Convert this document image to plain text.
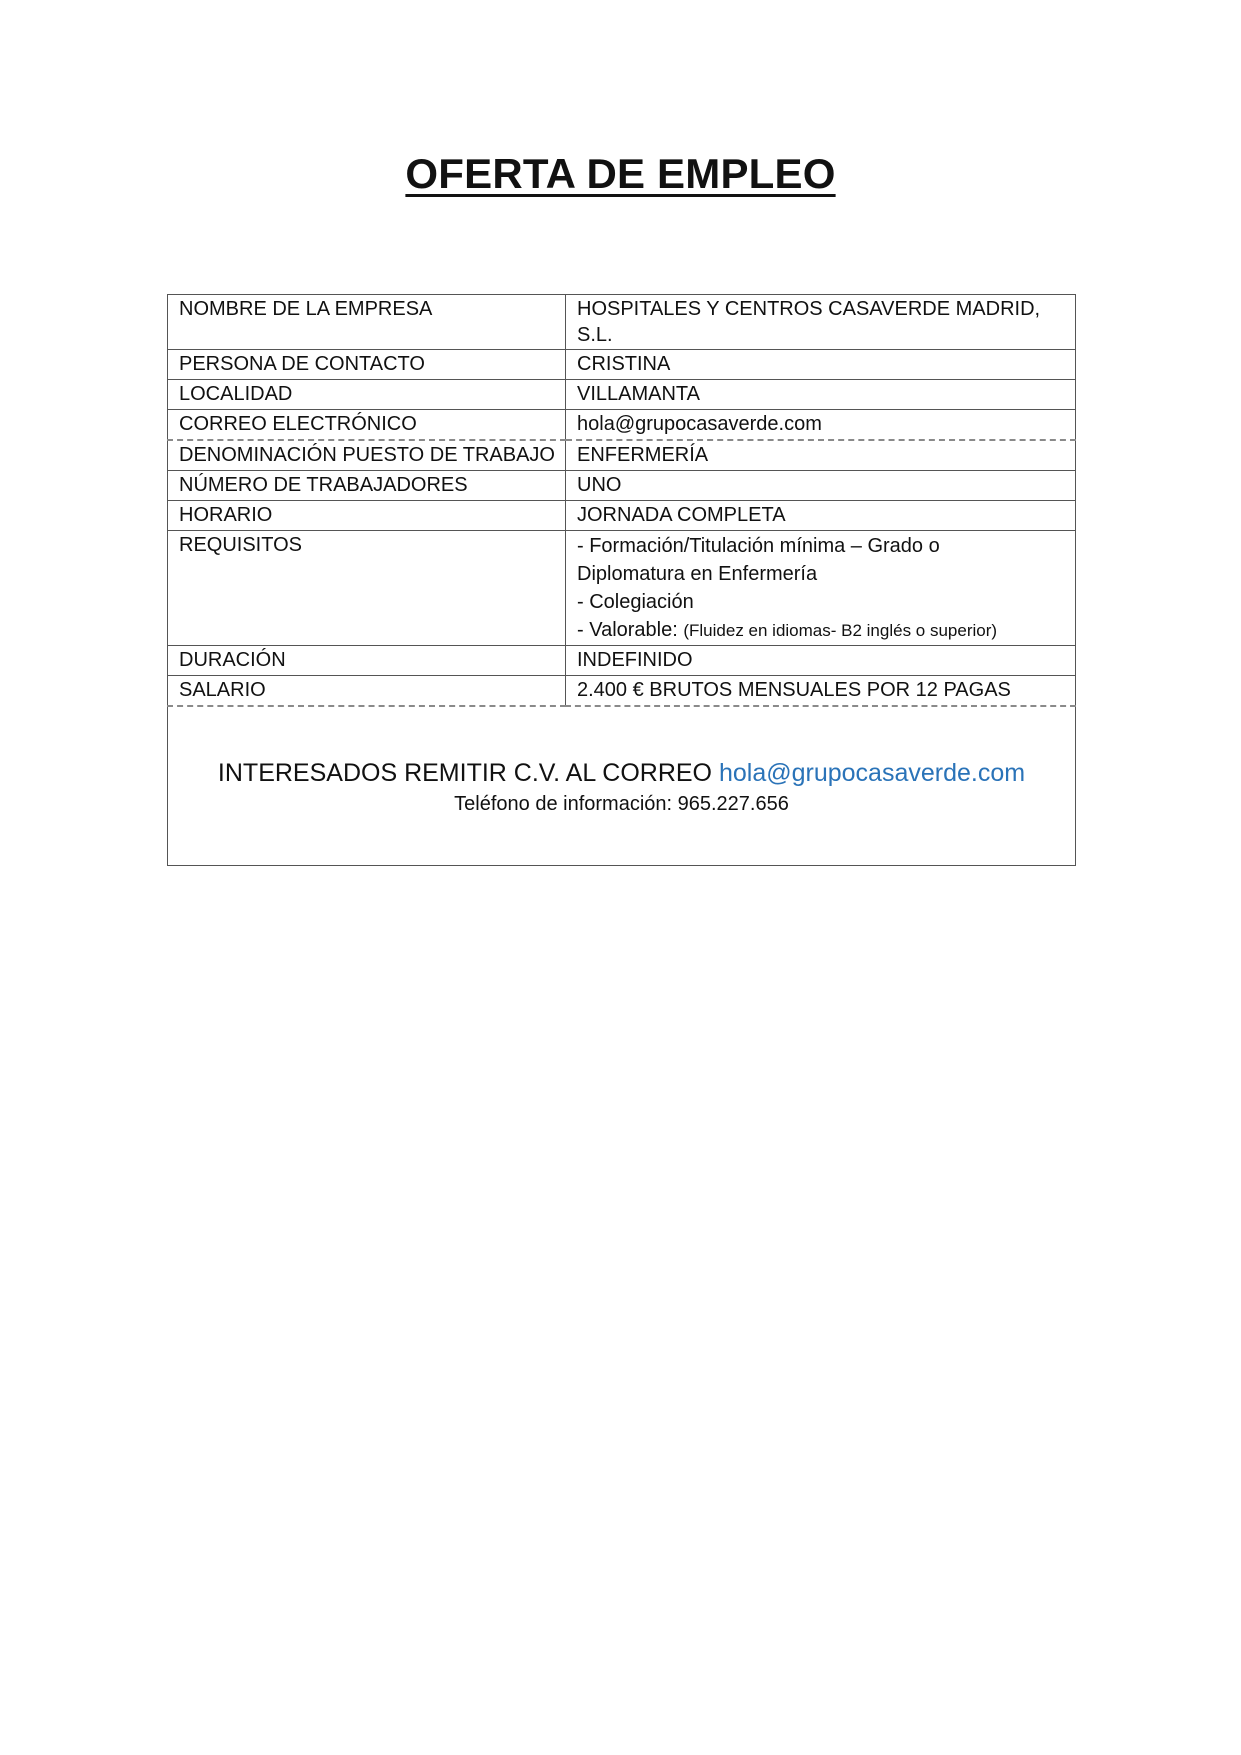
OFERTA DE EMPLEO
NOMBRE DE LA EMPRESA	HOSPITALES Y CENTROS CASAVERDE MADRID, S.L.
PERSONA DE CONTACTO	CRISTINA
LOCALIDAD	VILLAMANTA
CORREO ELECTRÓNICO	hola@grupocasaverde.com
DENOMINACIÓN PUESTO DE TRABAJO	ENFERMERÍA
NÚMERO DE TRABAJADORES	UNO
HORARIO	JORNADA COMPLETA
REQUISITOS	- Formación/Titulación mínima – Grado o
Diplomatura en Enfermería
- Colegiación
- Valorable: (Fluidez en idiomas- B2 inglés o superior)

DURACIÓN	INDEFINIDO
SALARIO	2.400 € BRUTOS MENSUALES POR 12 PAGAS

INTERESADOS REMITIR C.V. AL CORREO hola@grupocasaverde.com
Teléfono de información: 965.227.656	
